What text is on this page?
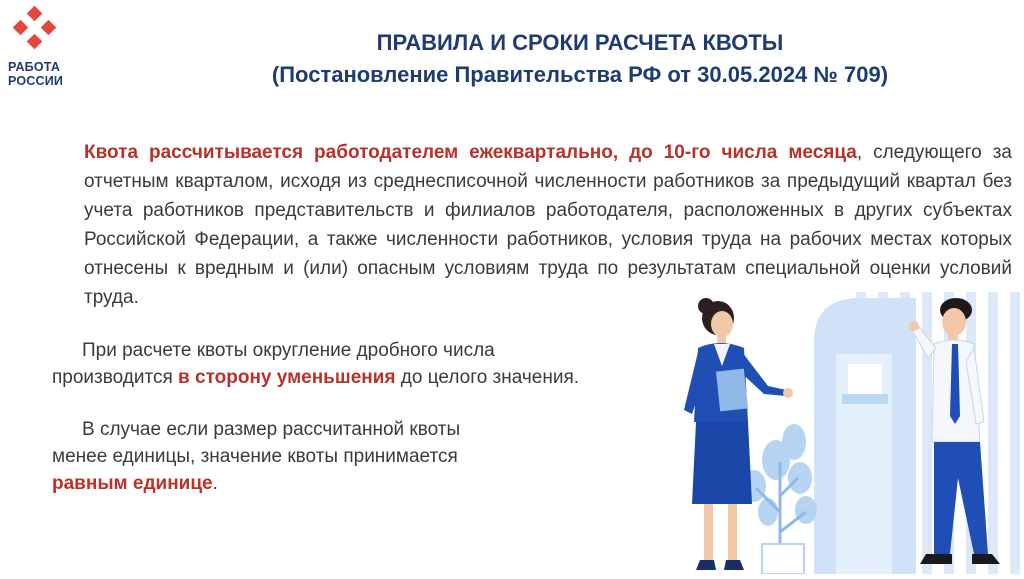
РАБОТА
РОССИИ
ПРАВИЛА И СРОКИ РАСЧЕТА КВОТЫ
(Постановление Правительства РФ от 30.05.2024 № 709)

Квота рассчитывается работодателем ежеквартально, до 10-го числа месяца, следующего за отчетным кварталом, исходя из среднесписочной численности работников за предыдущий квартал без учета работников представительств и филиалов работодателя, расположенных в других субъектах Российской Федерации, а также численности работников, условия труда на рабочих местах которых отнесены к вредным и (или) опасным условиям труда по результатам специальной оценки условий труда.

При расчете квоты округление дробного числа
производится в сторону уменьшения до целого значения.
В случае если размер рассчитанной квоты
менее единицы, значение квоты принимается
равным единице.
